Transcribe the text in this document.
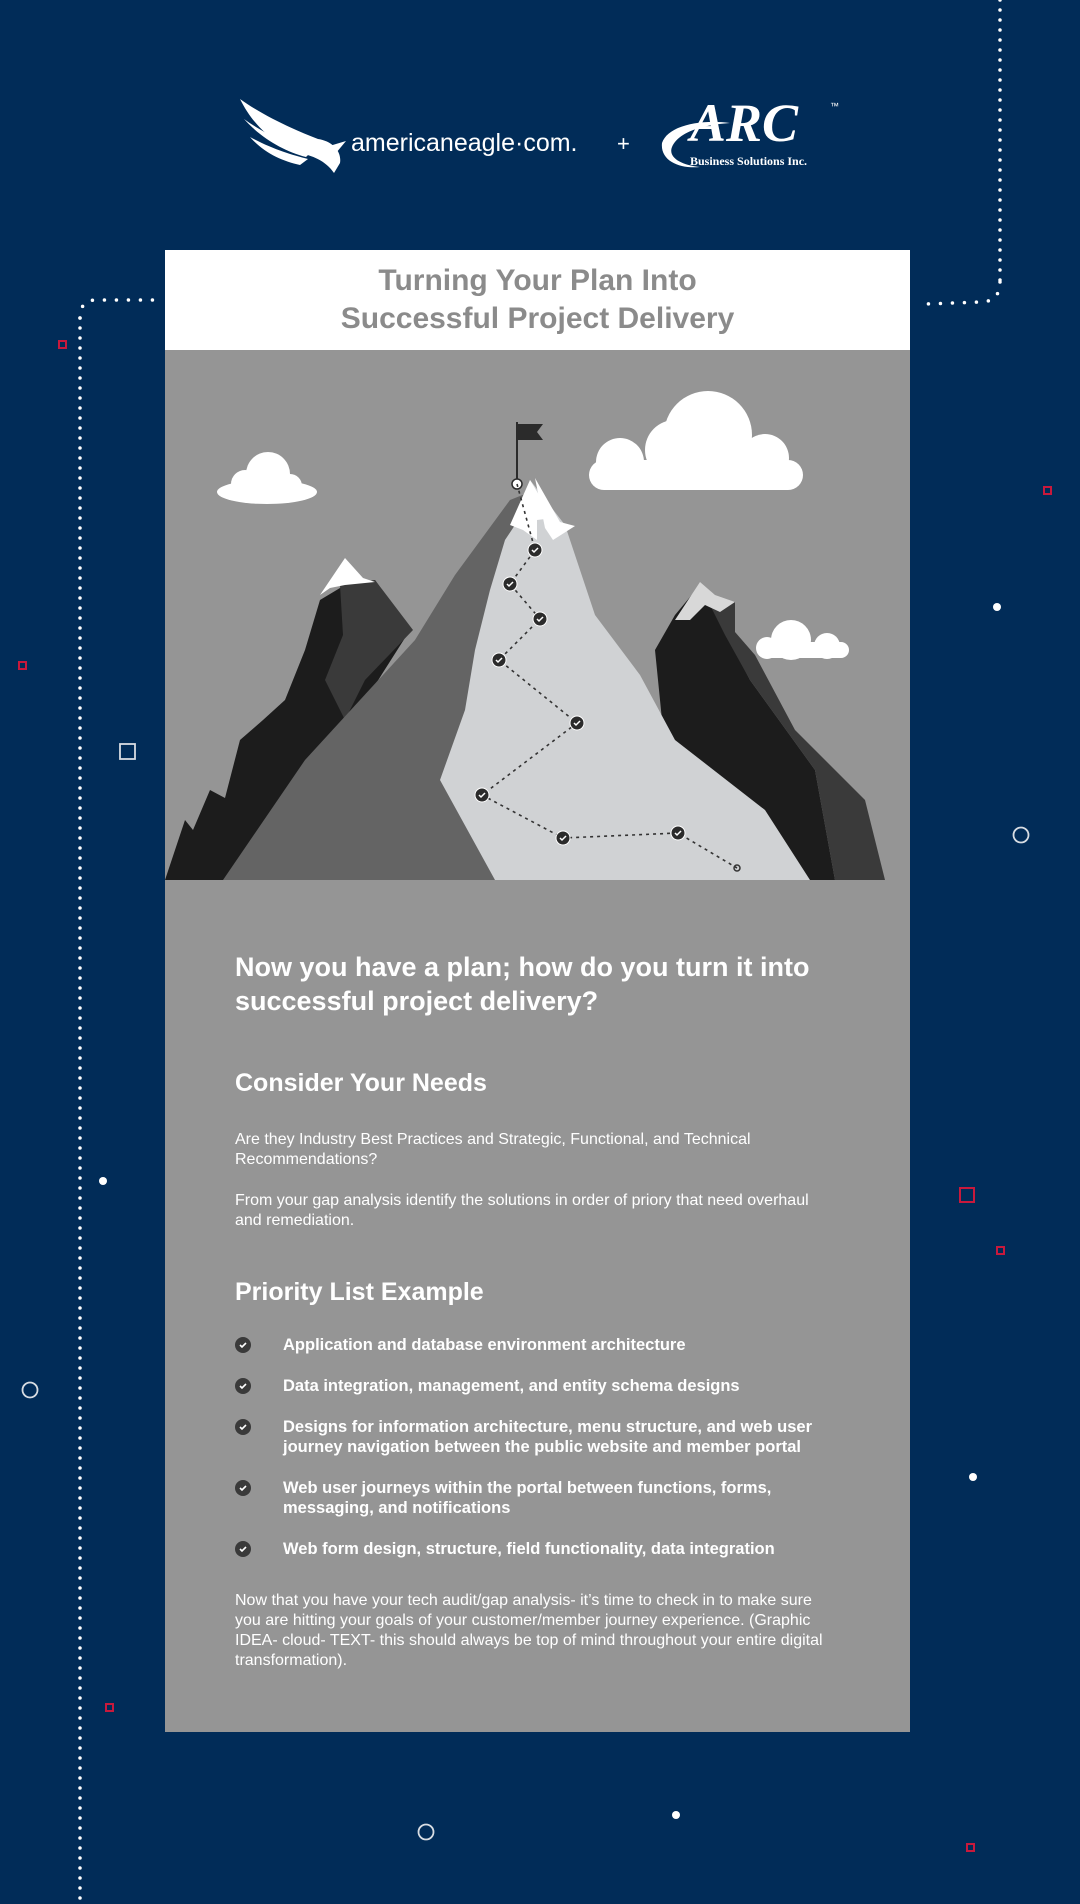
americaneagle·com. + ARC	™
Business Solutions Inc.
Turning Your Plan Into
Successful Project Delivery
Now you have a plan; how do you turn it into successful project delivery?
Consider Your Needs

Are they Industry Best Practices and Strategic, Functional, and Technical Recommendations?

From your gap analysis identify the solutions in order of priory that need overhaul and remediation.

Priority List Example
Application and database environment architecture
Data integration, management, and entity schema designs
Designs for information architecture, menu structure, and web user journey navigation between the public website and member portal
Web user journeys within the portal between functions, forms, messaging, and notifications
Web form design, structure, field functionality, data integration

Now that you have your tech audit/gap analysis- it’s time to check in to make sure you are hitting your goals of your customer/member journey experience. (Graphic IDEA- cloud- TEXT- this should always be top of mind throughout your entire digital transformation).
